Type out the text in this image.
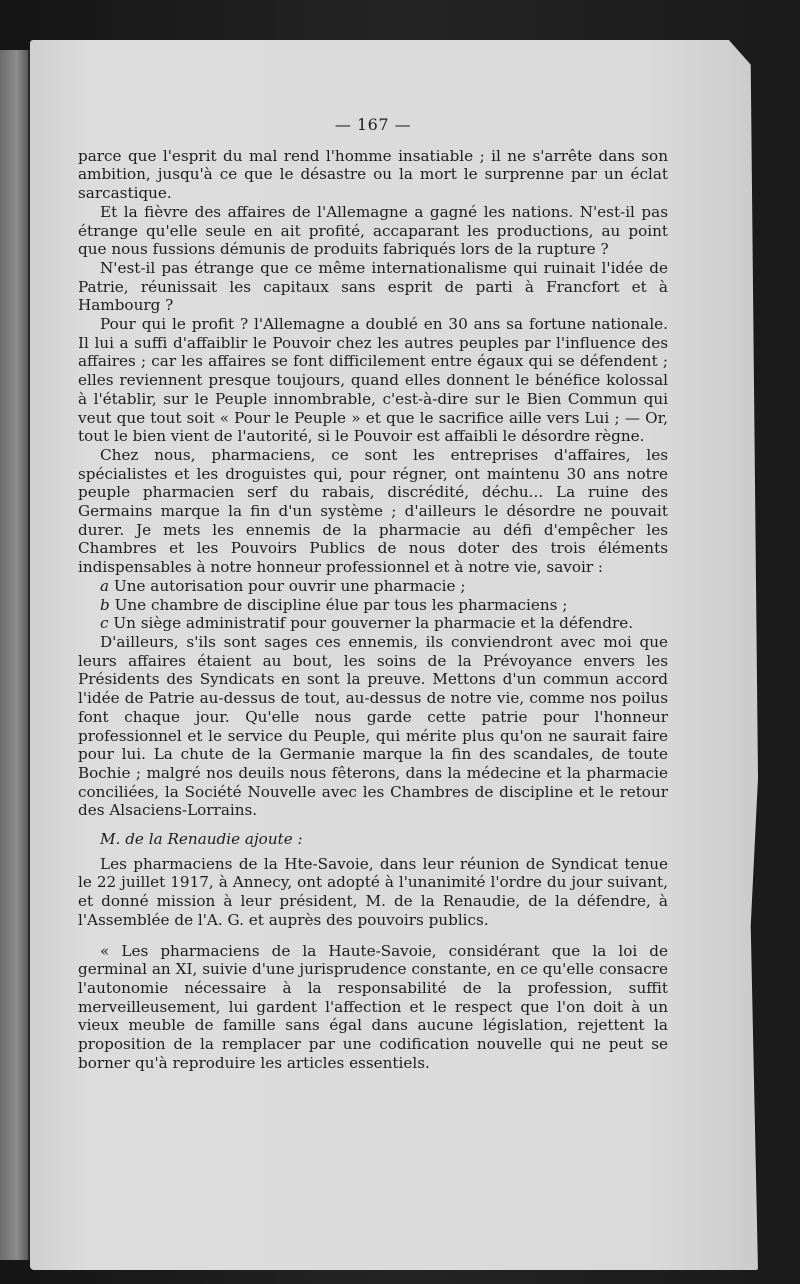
— 167 —

parce que l'esprit du mal rend l'homme insatiable ; il ne s'arrête dans son ambition, jusqu'à ce que le désastre ou la mort le surprenne par un éclat sarcastique.

Et la fièvre des affaires de l'Allemagne a gagné les nations. N'est-il pas étrange qu'elle seule en ait profité, accaparant les productions, au point que nous fussions démunis de produits fabriqués lors de la rupture ?

N'est-il pas étrange que ce même internationalisme qui ruinait l'idée de Patrie, réunissait les capitaux sans esprit de parti à Francfort et à Hambourg ?

Pour qui le profit ? l'Allemagne a doublé en 30 ans sa fortune nationale. Il lui a suffi d'affaiblir le Pouvoir chez les autres peuples par l'influence des affaires ; car les affaires se font difficilement entre égaux qui se défendent ; elles reviennent presque toujours, quand elles donnent le bénéfice kolossal à l'établir, sur le Peuple innombrable, c'est-à-dire sur le Bien Commun qui veut que tout soit « Pour le Peuple » et que le sacrifice aille vers Lui ; — Or, tout le bien vient de l'autorité, si le Pouvoir est affaibli le désordre règne.

Chez nous, pharmaciens, ce sont les entreprises d'affaires, les spécialistes et les droguistes qui, pour régner, ont maintenu 30 ans notre peuple pharmacien serf du rabais, discrédité, déchu... La ruine des Germains marque la fin d'un système ; d'ailleurs le désordre ne pouvait durer. Je mets les ennemis de la pharmacie au défi d'empêcher les Chambres et les Pouvoirs Publics de nous doter des trois éléments indispensables à notre honneur professionnel et à notre vie, savoir :

a Une autorisation pour ouvrir une pharmacie ;

b Une chambre de discipline élue par tous les pharmaciens ;

c Un siège administratif pour gouverner la pharmacie et la défendre.

D'ailleurs, s'ils sont sages ces ennemis, ils conviendront avec moi que leurs affaires étaient au bout, les soins de la Prévoyance envers les Présidents des Syndicats en sont la preuve. Mettons d'un commun accord l'idée de Patrie au-dessus de tout, au-dessus de notre vie, comme nos poilus font chaque jour. Qu'elle nous garde cette patrie pour l'honneur professionnel et le service du Peuple, qui mérite plus qu'on ne saurait faire pour lui. La chute de la Germanie marque la fin des scandales, de toute Bochie ; malgré nos deuils nous fêterons, dans la médecine et la pharmacie conciliées, la Société Nouvelle avec les Chambres de discipline et le retour des Alsaciens-Lorrains.

M. de la Renaudie ajoute :

Les pharmaciens de la Hte-Savoie, dans leur réunion de Syndicat tenue le 22 juillet 1917, à Annecy, ont adopté à l'unanimité l'ordre du jour suivant, et donné mission à leur président, M. de la Renaudie, de la défendre, à l'Assemblée de l'A. G. et auprès des pouvoirs publics.

« Les pharmaciens de la Haute-Savoie, considérant que la loi de germinal an XI, suivie d'une jurisprudence constante, en ce qu'elle consacre l'autonomie nécessaire à la responsabilité de la profession, suffit merveilleusement, lui gardent l'affection et le respect que l'on doit à un vieux meuble de famille sans égal dans aucune législation, rejettent la proposition de la remplacer par une codification nouvelle qui ne peut se borner qu'à reproduire les articles essentiels.
